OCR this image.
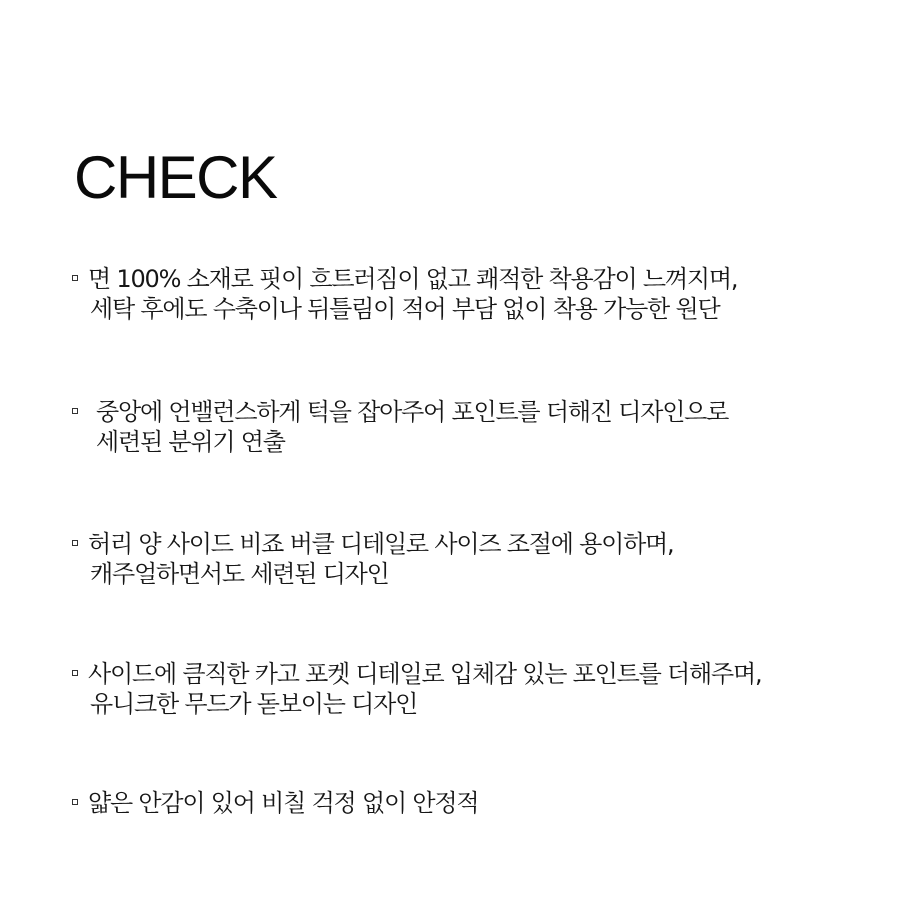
CHECK
면 100% 소재로 핏이 흐트러짐이 없고 쾌적한 착용감이 느껴지며,
세탁 후에도 수축이나 뒤틀림이 적어 부담 없이 착용 가능한 원단
중앙에 언밸런스하게 턱을 잡아주어 포인트를 더해진 디자인으로
세련된 분위기 연출
허리 양 사이드 비죠 버클 디테일로 사이즈 조절에 용이하며,
캐주얼하면서도 세련된 디자인
사이드에 큼직한 카고 포켓 디테일로 입체감 있는 포인트를 더해주며,
유니크한 무드가 돋보이는 디자인
얇은 안감이 있어 비칠 걱정 없이 안정적
